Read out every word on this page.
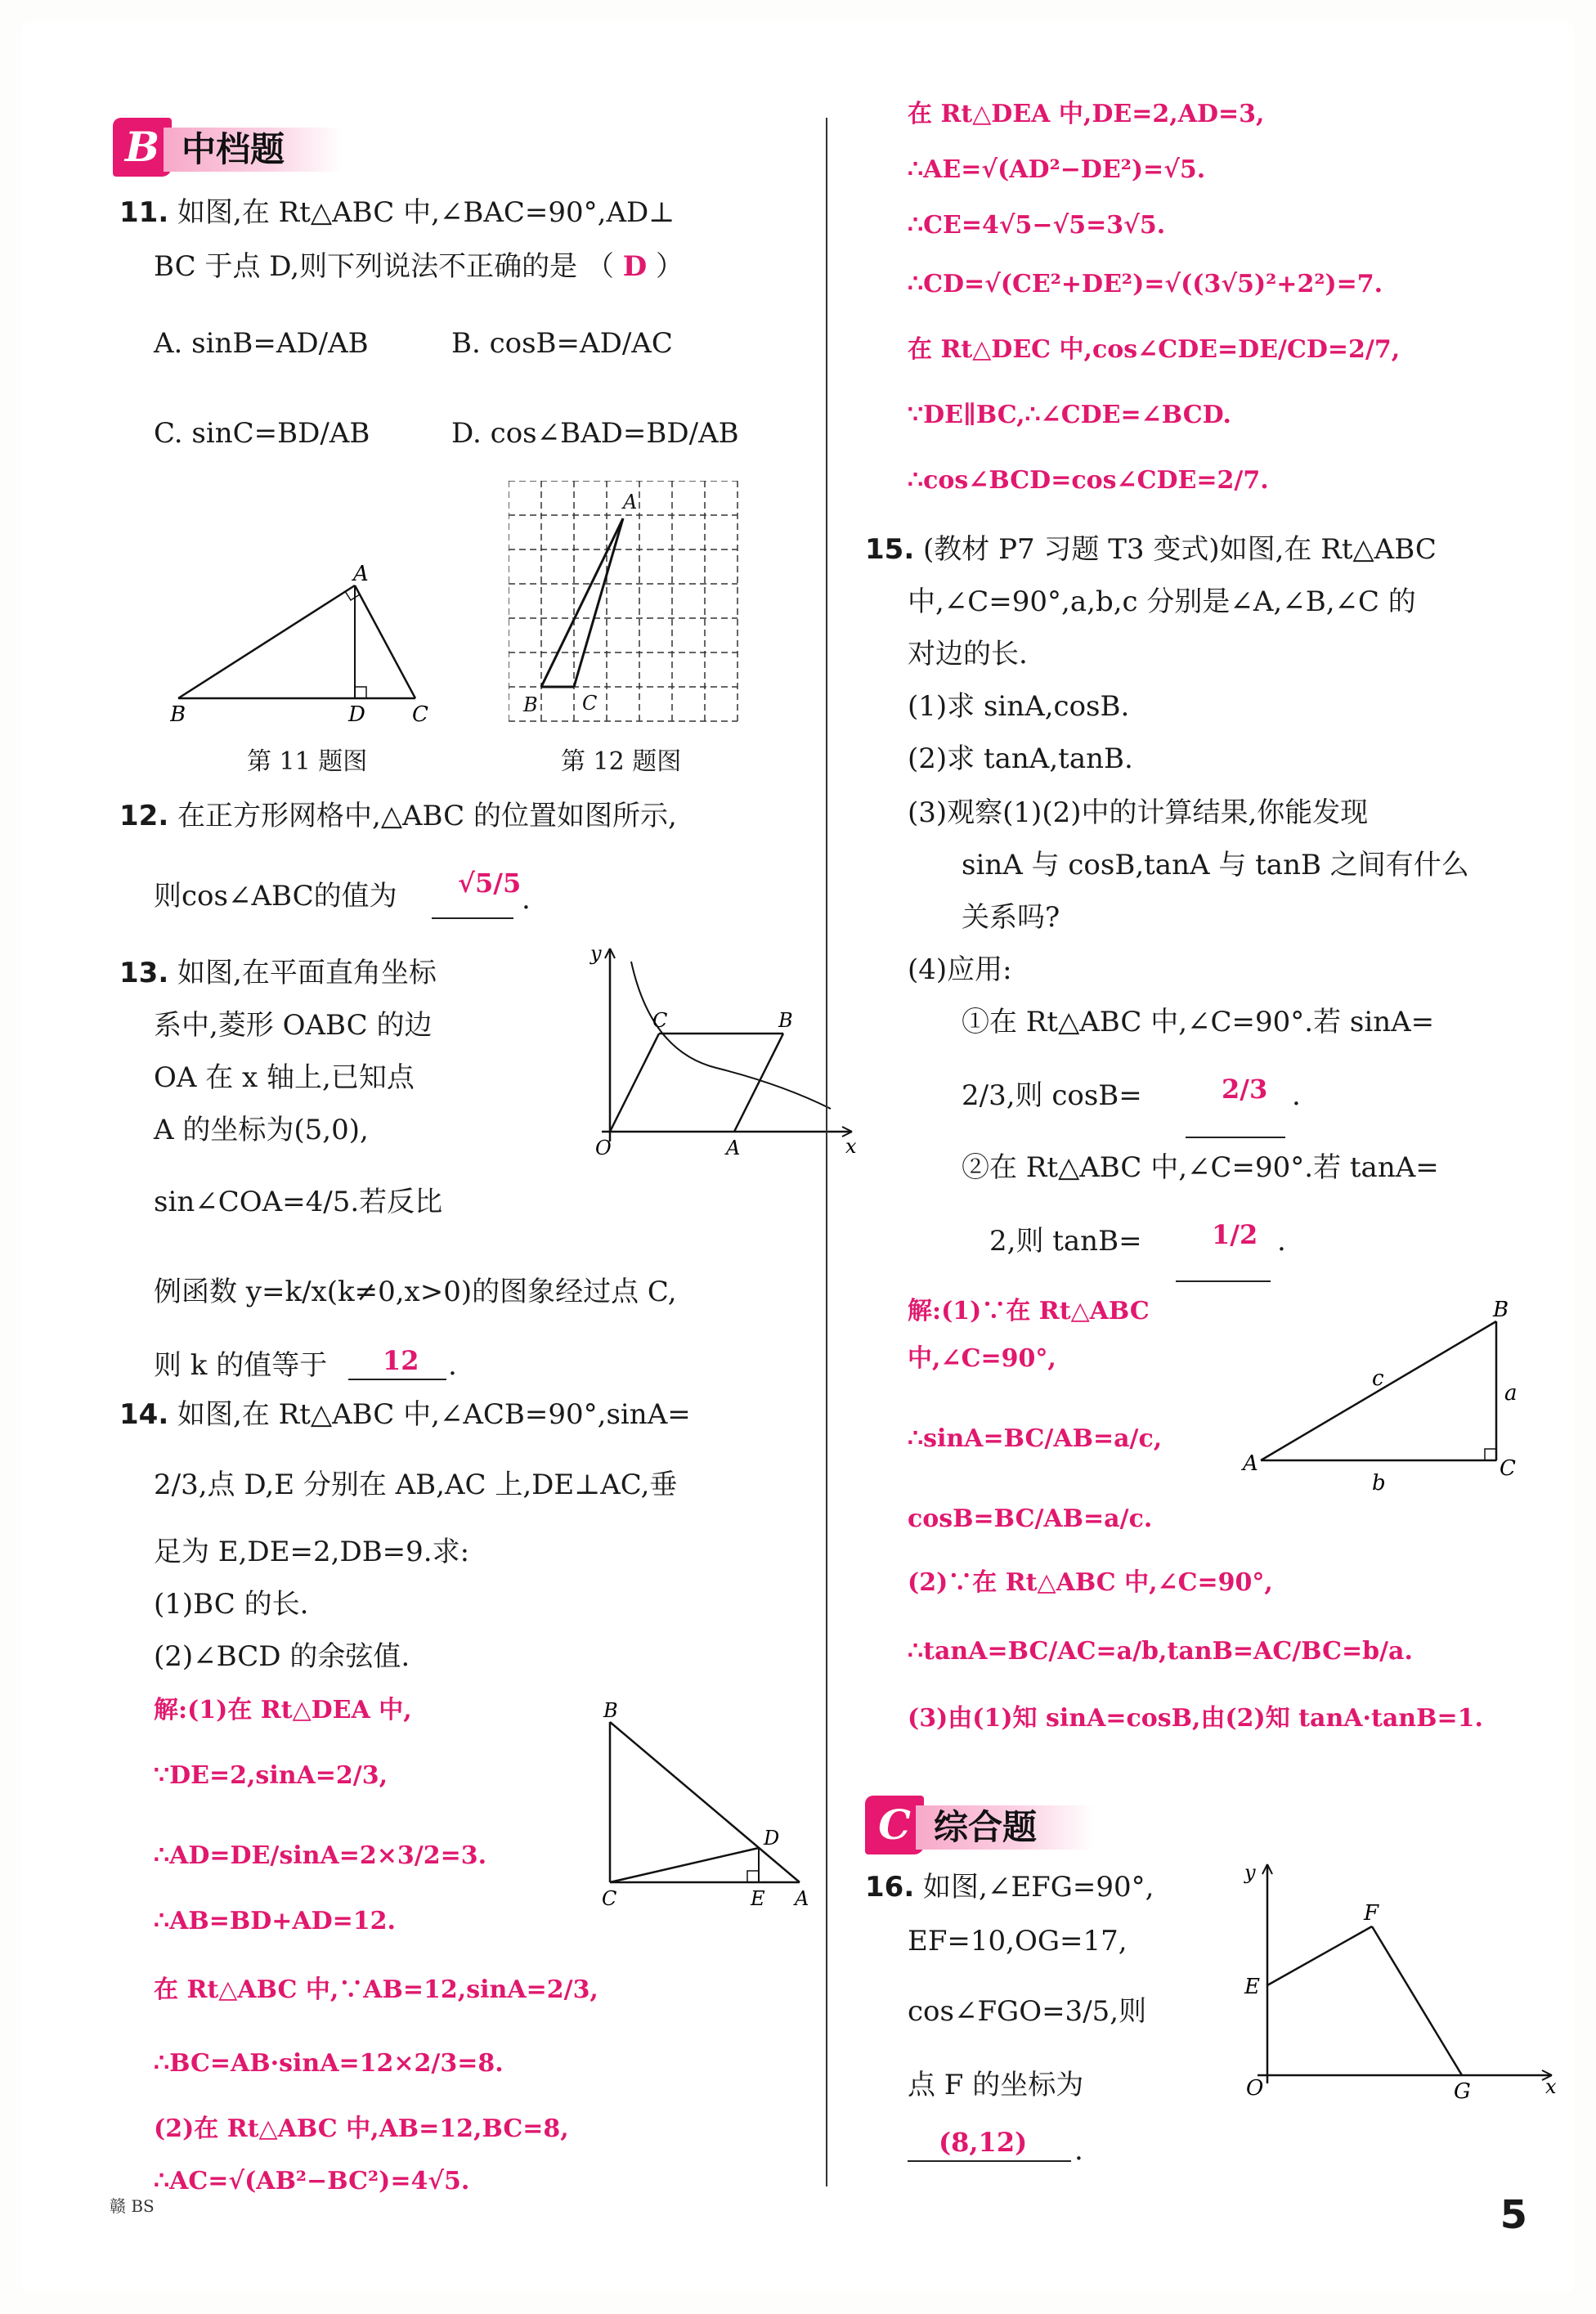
B 中档题
11. 如图,在 Rt△ABC 中,∠BAC=90°,AD⊥
BC 于点 D,则下列说法不正确的是 （ D ）
A. sinB=AD/AB	B. cosB=AD/AC
C. sinC=BD/AB	D. cos∠BAD=BD/AB
A
B	D C
第 11 题图
A
B C
第 12 题图
12. 在正方形网格中,△ABC 的位置如图所示,
则cos∠ABC的值为 √5/5 .
13. 如图,在平面直角坐标
系中,菱形 OABC 的边
OA 在 x 轴上,已知点
A 的坐标为(5,0),
sin∠COA=4/5.若反比
例函数 y=k/x(k≠0,x>0)的图象经过点 C,
则 k 的值等于 12 .
y
C	B
O	A	x
14. 如图,在 Rt△ABC 中,∠ACB=90°,sinA=
2/3,点 D,E 分别在 AB,AC 上,DE⊥AC,垂
足为 E,DE=2,DB=9.求:
(1)BC 的长.
(2)∠BCD 的余弦值.
解:(1)在 Rt△DEA 中,
∵DE=2,sinA=2/3,
∴AD=DE/sinA=2×3/2=3.
∴AB=BD+AD=12.
在 Rt△ABC 中,∵AB=12,sinA=2/3,
∴BC=AB·sinA=12×2/3=8.
(2)在 Rt△ABC 中,AB=12,BC=8,
∴AC=√(AB²−BC²)=4√5.
B
D
C	E A
赣 BS
在 Rt△DEA 中,DE=2,AD=3,
∴AE=√(AD²−DE²)=√5.
∴CE=4√5−√5=3√5.
∴CD=√(CE²+DE²)=√((3√5)²+2²)=7.
在 Rt△DEC 中,cos∠CDE=DE/CD=2/7,
∵DE∥BC,∴∠CDE=∠BCD.
∴cos∠BCD=cos∠CDE=2/7.
15. (教材 P7 习题 T3 变式)如图,在 Rt△ABC
中,∠C=90°,a,b,c 分别是∠A,∠B,∠C 的
对边的长.
(1)求 sinA,cosB.
(2)求 tanA,tanB.
(3)观察(1)(2)中的计算结果,你能发现
sinA 与 cosB,tanA 与 tanB 之间有什么
关系吗?
(4)应用:
①在 Rt△ABC 中,∠C=90°.若 sinA=
2/3,则 cosB=	2/3 .
②在 Rt△ABC 中,∠C=90°.若 tanA=
2,则 tanB=	1/2 .
解:(1)∵在 Rt△ABC
中,∠C=90°,
∴sinA=BC/AB=a/c,
cosB=BC/AB=a/c.
(2)∵在 Rt△ABC 中,∠C=90°,
∴tanA=BC/AC=a/b,tanB=AC/BC=b/a.
(3)由(1)知 sinA=cosB,由(2)知 tanA·tanB=1.
B
A	C
c
a
b
C 综合题
16. 如图,∠EFG=90°,
EF=10,OG=17,
cos∠FGO=3/5,则
点 F 的坐标为
(8,12) .
y
F
E
O	G	x
5
